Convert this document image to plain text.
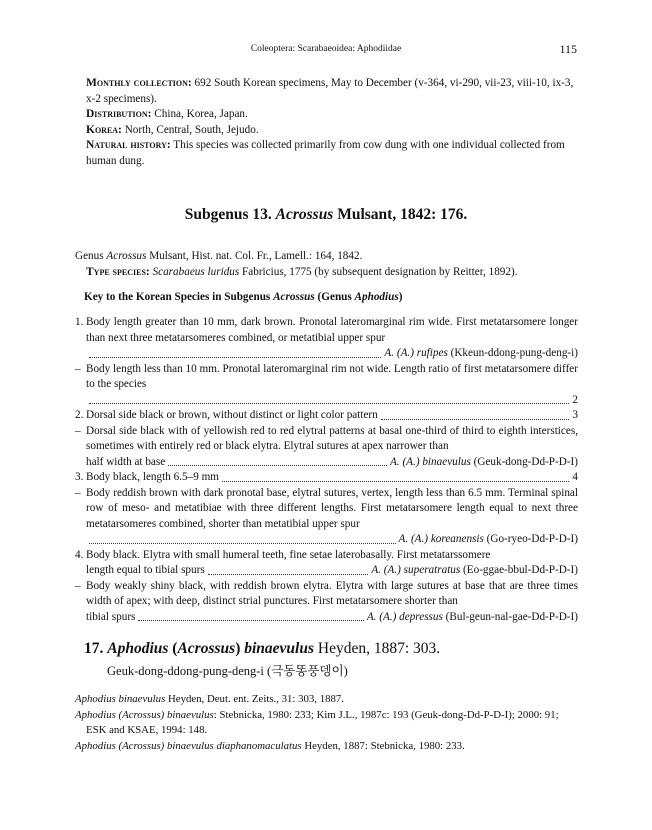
Coleoptera: Scarabaeoidea: Aphodiidae	115
Monthly collection: 692 South Korean specimens, May to December (v-364, vi-290, vii-23, viii-10, ix-3, x-2 specimens).
Distribution: China, Korea, Japan.
Korea: North, Central, South, Jejudo.
Natural history: This species was collected primarily from cow dung with one individual collected from human dung.
Subgenus 13. Acrossus Mulsant, 1842: 176.
Genus Acrossus Mulsant, Hist. nat. Col. Fr., Lamell.: 164, 1842.
Type species: Scarabaeus luridus Fabricius, 1775 (by subsequent designation by Reitter, 1892).
Key to the Korean Species in Subgenus Acrossus (Genus Aphodius)
1. Body length greater than 10 mm, dark brown. Pronotal lateromarginal rim wide. First metatarsomere longer than next three metatarsomeres combined, or metatibial upper spur
A. (A.) rufipes (Kkeun-ddong-pung-deng-i)
– Body length less than 10 mm. Pronotal lateromarginal rim not wide. Length ratio of first metatarsomere differ to the species
2
2. Dorsal side black or brown, without distinct or light color pattern	3
– Dorsal side black with of yellowish red to red elytral patterns at basal one-third of third to eighth interstices, sometimes with entirely red or black elytra. Elytral sutures at apex narrower than
half width at base	A. (A.) binaevulus (Geuk-dong-Dd-P-D-I)
3. Body black, length 6.5–9 mm	4
– Body reddish brown with dark pronotal base, elytral sutures, vertex, length less than 6.5 mm. Terminal spinal row of meso- and metatibiae with three different lengths. First metatarsomere length equal to next three metatarsomeres combined, shorter than metatibial upper spur
A. (A.) koreanensis (Go-ryeo-Dd-P-D-I)
4. Body black. Elytra with small humeral teeth, fine setae laterobasally. First metatarssomere
length equal to tibial spurs	A. (A.) superatratus (Eo-ggae-bbul-Dd-P-D-I)
– Body weakly shiny black, with reddish brown elytra. Elytra with large sutures at base that are three times width of apex; with deep, distinct strial punctures. First metatarsomere shorter than
tibial spurs	A. (A.) depressus (Bul-geun-nal-gae-Dd-P-D-I)
17. Aphodius (Acrossus) binaevulus Heyden, 1887: 303.
Geuk-dong-ddong-pung-deng-i (극동똥풍뎅이)
Aphodius binaevulus Heyden, Deut. ent. Zeits., 31: 303, 1887.
Aphodius (Acrossus) binaevulus: Stebnicka, 1980: 233; Kim J.L., 1987c: 193 (Geuk-dong-Dd-P-D-I); 2000: 91; ESK and KSAE, 1994: 148.
Aphodius (Acrossus) binaevulus diaphanomaculatus Heyden, 1887: Stebnicka, 1980: 233.
